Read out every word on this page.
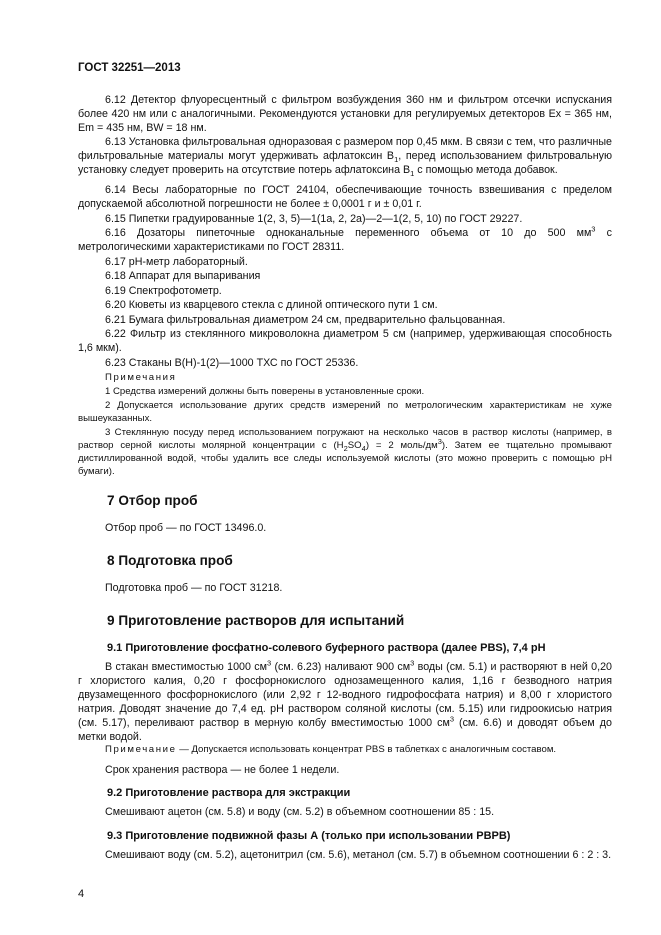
ГОСТ 32251—2013

6.12 Детектор флуоресцентный с фильтром возбуждения 360 нм и фильтром отсечки испускания более 420 нм или с аналогичными. Рекомендуются установки для регулируемых детекторов Ex = 365 нм, Em = 435 нм, BW = 18 нм.

6.13 Установка фильтровальная одноразовая с размером пор 0,45 мкм. В связи с тем, что различные фильтровальные материалы могут удерживать афлатоксин $В_1$, перед использованием фильтровальную установку следует проверить на отсутствие потерь афлатоксина $В_1$ с помощью метода добавок.

6.14 Весы лабораторные по ГОСТ 24104, обеспечивающие точность взвешивания с пределом допускаемой абсолютной погрешности не более ± 0,0001 г и ± 0,01 г.

6.15 Пипетки градуированные 1(2, 3, 5)—1(1а, 2, 2а)—2—1(2, 5, 10) по ГОСТ 29227.

6.16 Дозаторы пипеточные одноканальные переменного объема от 10 до 500 $мм^3$ с метрологическими характеристиками по ГОСТ 28311.

6.17 pH-метр лабораторный.

6.18 Аппарат для выпаривания

6.19 Спектрофотометр.

6.20 Кюветы из кварцевого стекла с длиной оптического пути 1 см.

6.21 Бумага фильтровальная диаметром 24 см, предварительно фальцованная.

6.22 Фильтр из стеклянного микроволокна диаметром 5 см (например, удерживающая способность 1,6 мкм).

6.23 Стаканы В(Н)-1(2)—1000 ТХС по ГОСТ 25336.

Примечания

1 Средства измерений должны быть поверены в установленные сроки.

2 Допускается использование других средств измерений по метрологическим характеристикам не хуже вышеуказанных.

3 Стеклянную посуду перед использованием погружают на несколько часов в раствор кислоты (например, в раствор серной кислоты молярной концентрации с $(H_2SO_4) = 2$ моль/$дм^3$). Затем ее тщательно промывают дистиллированной водой, чтобы удалить все следы используемой кислоты (это можно проверить с помощью pH бумаги).

7 Отбор проб

Отбор проб — по ГОСТ 13496.0.

8 Подготовка проб

Подготовка проб — по ГОСТ 31218.

9 Приготовление растворов для испытаний
9.1 Приготовление фосфатно-солевого буферного раствора (далее PBS), 7,4 pH

В стакан вместимостью 1000 $см^3$ (см. 6.23) наливают 900 $см^3$ воды (см. 5.1) и растворяют в ней 0,20 г хлористого калия, 0,20 г фосфорнокислого однозамещенного калия, 1,16 г безводного натрия двузамещенного фосфорнокислого (или 2,92 г 12-водного гидрофосфата натрия) и 8,00 г хлористого натрия. Доводят значение до 7,4 ед. pH раствором соляной кислоты (см. 5.15) или гидроокисью натрия (см. 5.17), переливают раствор в мерную колбу вместимостью 1000 $см^3$ (см. 6.6) и доводят объем до метки водой.

Примечание — Допускается использовать концентрат PBS в таблетках с аналогичным составом.

Срок хранения раствора — не более 1 недели.

9.2 Приготовление раствора для экстракции

Смешивают ацетон (см. 5.8) и воду (см. 5.2) в объемном соотношении 85 : 15.

9.3 Приготовление подвижной фазы А (только при использовании PBPB)

Смешивают воду (см. 5.2), ацетонитрил (см. 5.6), метанол (см. 5.7) в объемном соотношении 6 : 2 : 3.

4
